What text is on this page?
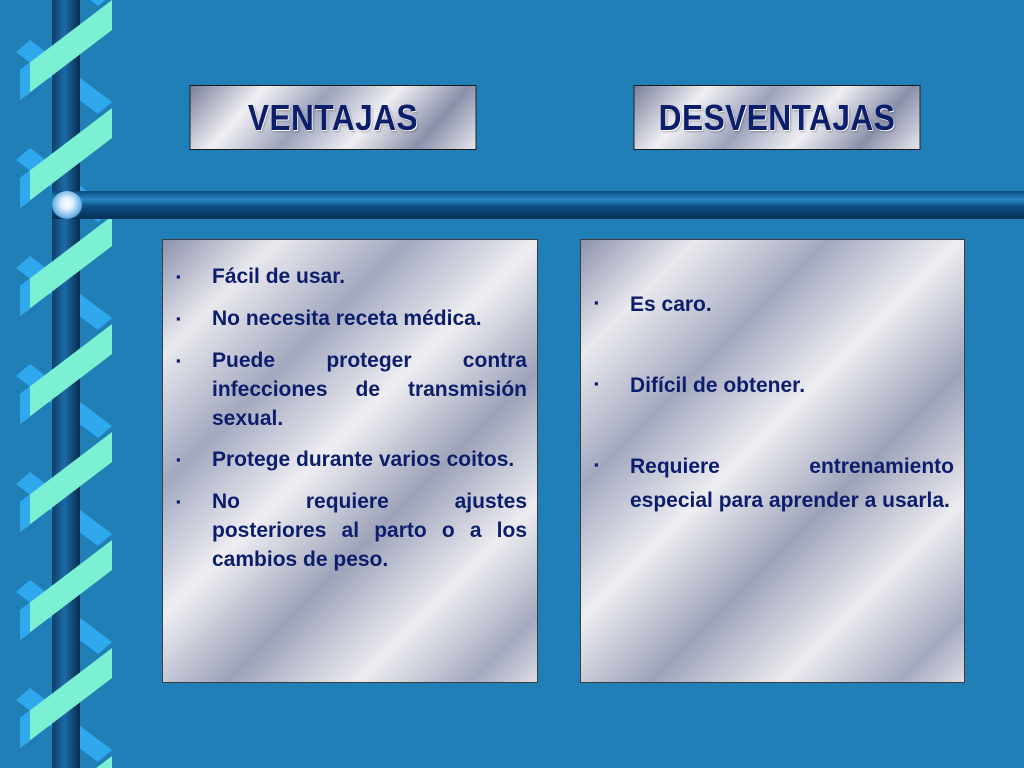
VENTAJAS	DESVENTAJAS
▪	Fácil de usar.
▪	No necesita receta médica.
▪	Puede proteger contra infecciones de transmisión sexual.
▪	Protege durante varios coitos.
▪	No requiere ajustes posteriores al parto o a los cambios de peso.
▪	Es caro.
▪	Difícil de obtener.
▪	Requiere entrenamiento especial para aprender a usarla.
